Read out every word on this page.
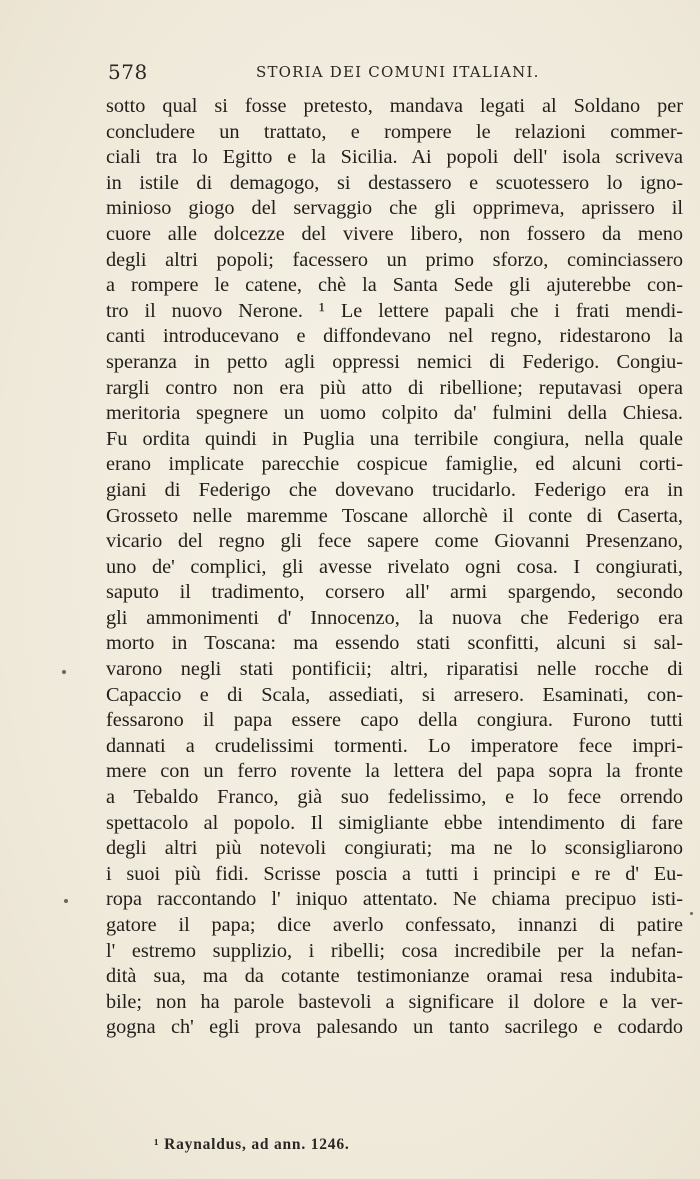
578	STORIA DEI COMUNI ITALIANI.
sotto qual si fosse pretesto, mandava legati al Soldano per
concludere un trattato, e rompere le relazioni commer-
ciali tra lo Egitto e la Sicilia. Ai popoli dell' isola scriveva
in istile di demagogo, si destassero e scuotessero lo igno-
minioso giogo del servaggio che gli opprimeva, aprissero il
cuore alle dolcezze del vivere libero, non fossero da meno
degli altri popoli; facessero un primo sforzo, cominciassero
a rompere le catene, chè la Santa Sede gli ajuterebbe con-
tro il nuovo Nerone. ¹ Le lettere papali che i frati mendi-
canti introducevano e diffondevano nel regno, ridestarono la
speranza in petto agli oppressi nemici di Federigo. Congiu-
rargli contro non era più atto di ribellione; reputavasi opera
meritoria spegnere un uomo colpito da' fulmini della Chiesa.
Fu ordita quindi in Puglia una terribile congiura, nella quale
erano implicate parecchie cospicue famiglie, ed alcuni corti-
giani di Federigo che dovevano trucidarlo. Federigo era in
Grosseto nelle maremme Toscane allorchè il conte di Caserta,
vicario del regno gli fece sapere come Giovanni Presenzano,
uno de' complici, gli avesse rivelato ogni cosa. I congiurati,
saputo il tradimento, corsero all' armi spargendo, secondo
gli ammonimenti d' Innocenzo, la nuova che Federigo era
morto in Toscana: ma essendo stati sconfitti, alcuni si sal-
varono negli stati pontificii; altri, riparatisi nelle rocche di
Capaccio e di Scala, assediati, si arresero. Esaminati, con-
fessarono il papa essere capo della congiura. Furono tutti
dannati a crudelissimi tormenti. Lo imperatore fece impri-
mere con un ferro rovente la lettera del papa sopra la fronte
a Tebaldo Franco, già suo fedelissimo, e lo fece orrendo
spettacolo al popolo. Il simigliante ebbe intendimento di fare
degli altri più notevoli congiurati; ma ne lo sconsigliarono
i suoi più fidi. Scrisse poscia a tutti i principi e re d' Eu-
ropa raccontando l' iniquo attentato. Ne chiama precipuo isti-
gatore il papa; dice averlo confessato, innanzi di patire
l' estremo supplizio, i ribelli; cosa incredibile per la nefan-
dità sua, ma da cotante testimonianze oramai resa indubita-
bile; non ha parole bastevoli a significare il dolore e la ver-
gogna ch' egli prova palesando un tanto sacrilego e codardo
¹ Raynaldus, ad ann. 1246.
